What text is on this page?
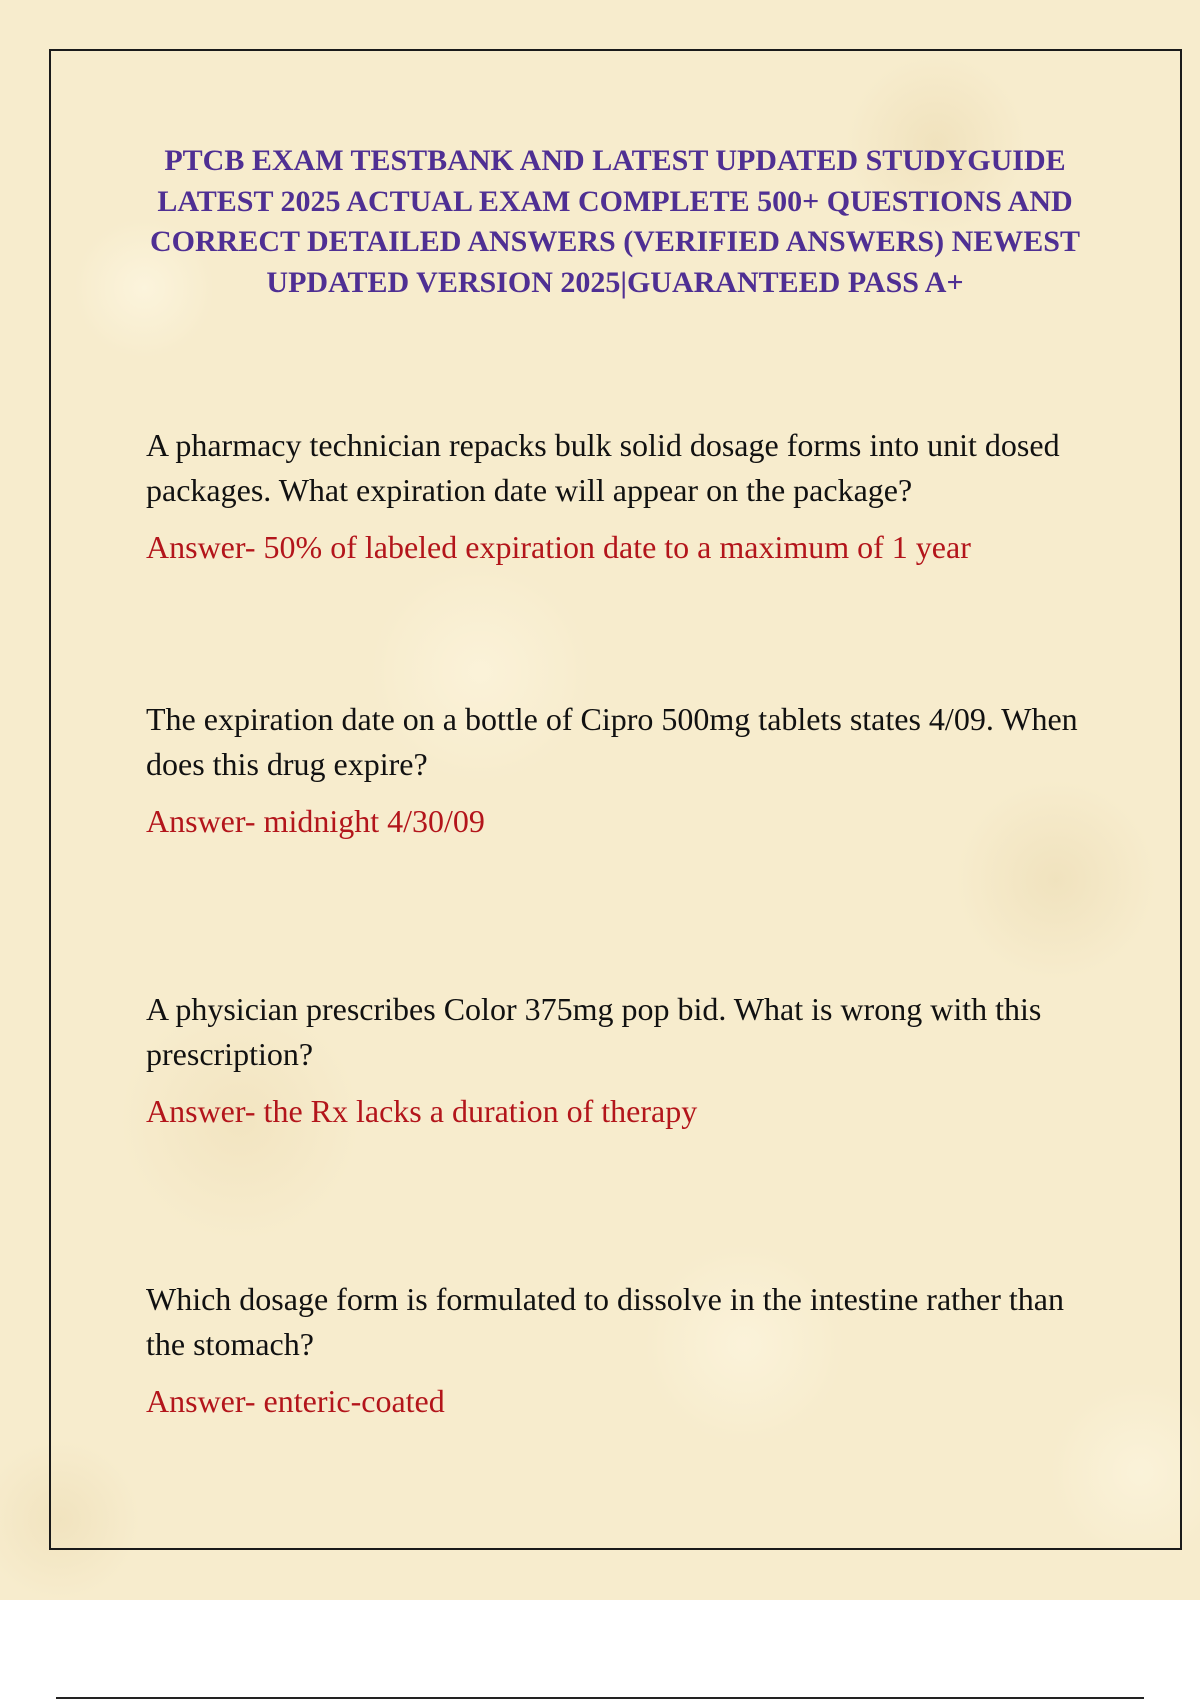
PTCB EXAM TESTBANK AND LATEST UPDATED STUDYGUIDE LATEST 2025 ACTUAL EXAM COMPLETE 500+ QUESTIONS AND CORRECT DETAILED ANSWERS (VERIFIED ANSWERS) NEWEST UPDATED VERSION 2025|GUARANTEED PASS A+

A pharmacy technician repacks bulk solid dosage forms into unit dosed packages. What expiration date will appear on the package?

Answer- 50% of labeled expiration date to a maximum of 1 year

The expiration date on a bottle of Cipro 500mg tablets states 4/09. When does this drug expire?

Answer- midnight 4/30/09

A physician prescribes Color 375mg pop bid. What is wrong with this prescription?

Answer- the Rx lacks a duration of therapy

Which dosage form is formulated to dissolve in the intestine rather than the stomach?

Answer- enteric-coated
